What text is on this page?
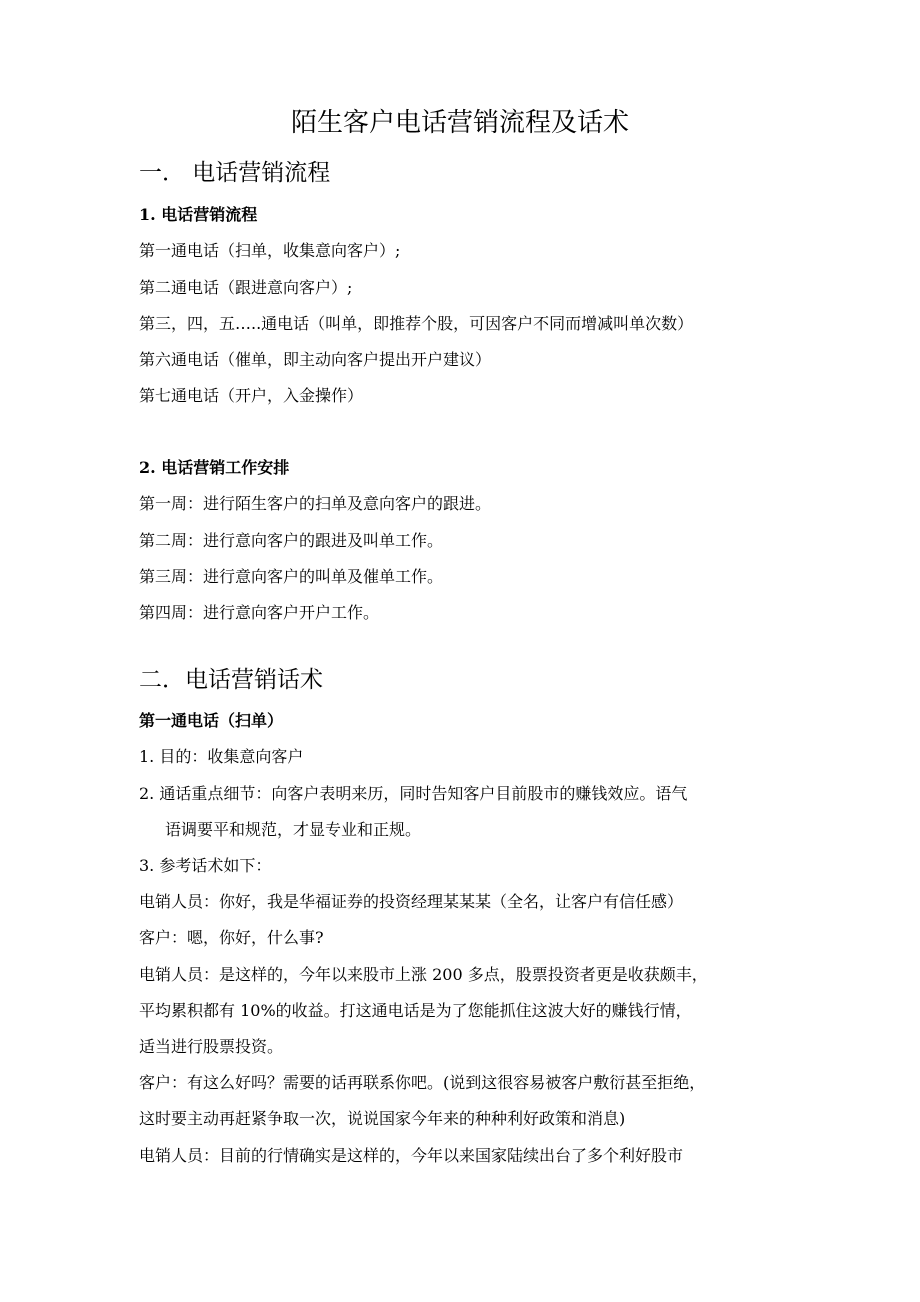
陌生客户电话营销流程及话术
一． 电话营销流程
1. 电话营销流程
第一通电话（扫单，收集意向客户）;
第二通电话（跟进意向客户）;
第三，四，五…..通电话（叫单，即推荐个股，可因客户不同而增减叫单次数）
第六通电话（催单，即主动向客户提出开户建议）
第七通电话（开户，入金操作）
2. 电话营销工作安排
第一周：进行陌生客户的扫单及意向客户的跟进。
第二周：进行意向客户的跟进及叫单工作。
第三周：进行意向客户的叫单及催单工作。
第四周：进行意向客户开户工作。
二．电话营销话术
第一通电话（扫单）
1. 目的：收集意向客户
2. 通话重点细节：向客户表明来历，同时告知客户目前股市的赚钱效应。语气
语调要平和规范，才显专业和正规。
3. 参考话术如下：
电销人员：你好，我是华福证券的投资经理某某某（全名，让客户有信任感）
客户：嗯，你好，什么事?
电销人员：是这样的，今年以来股市上涨 200 多点，股票投资者更是收获颇丰，
平均累积都有 10%的收益。打这通电话是为了您能抓住这波大好的赚钱行情，
适当进行股票投资。
客户：有这么好吗？需要的话再联系你吧。(说到这很容易被客户敷衍甚至拒绝，
这时要主动再赶紧争取一次，说说国家今年来的种种利好政策和消息)
电销人员：目前的行情确实是这样的，今年以来国家陆续出台了多个利好股市
